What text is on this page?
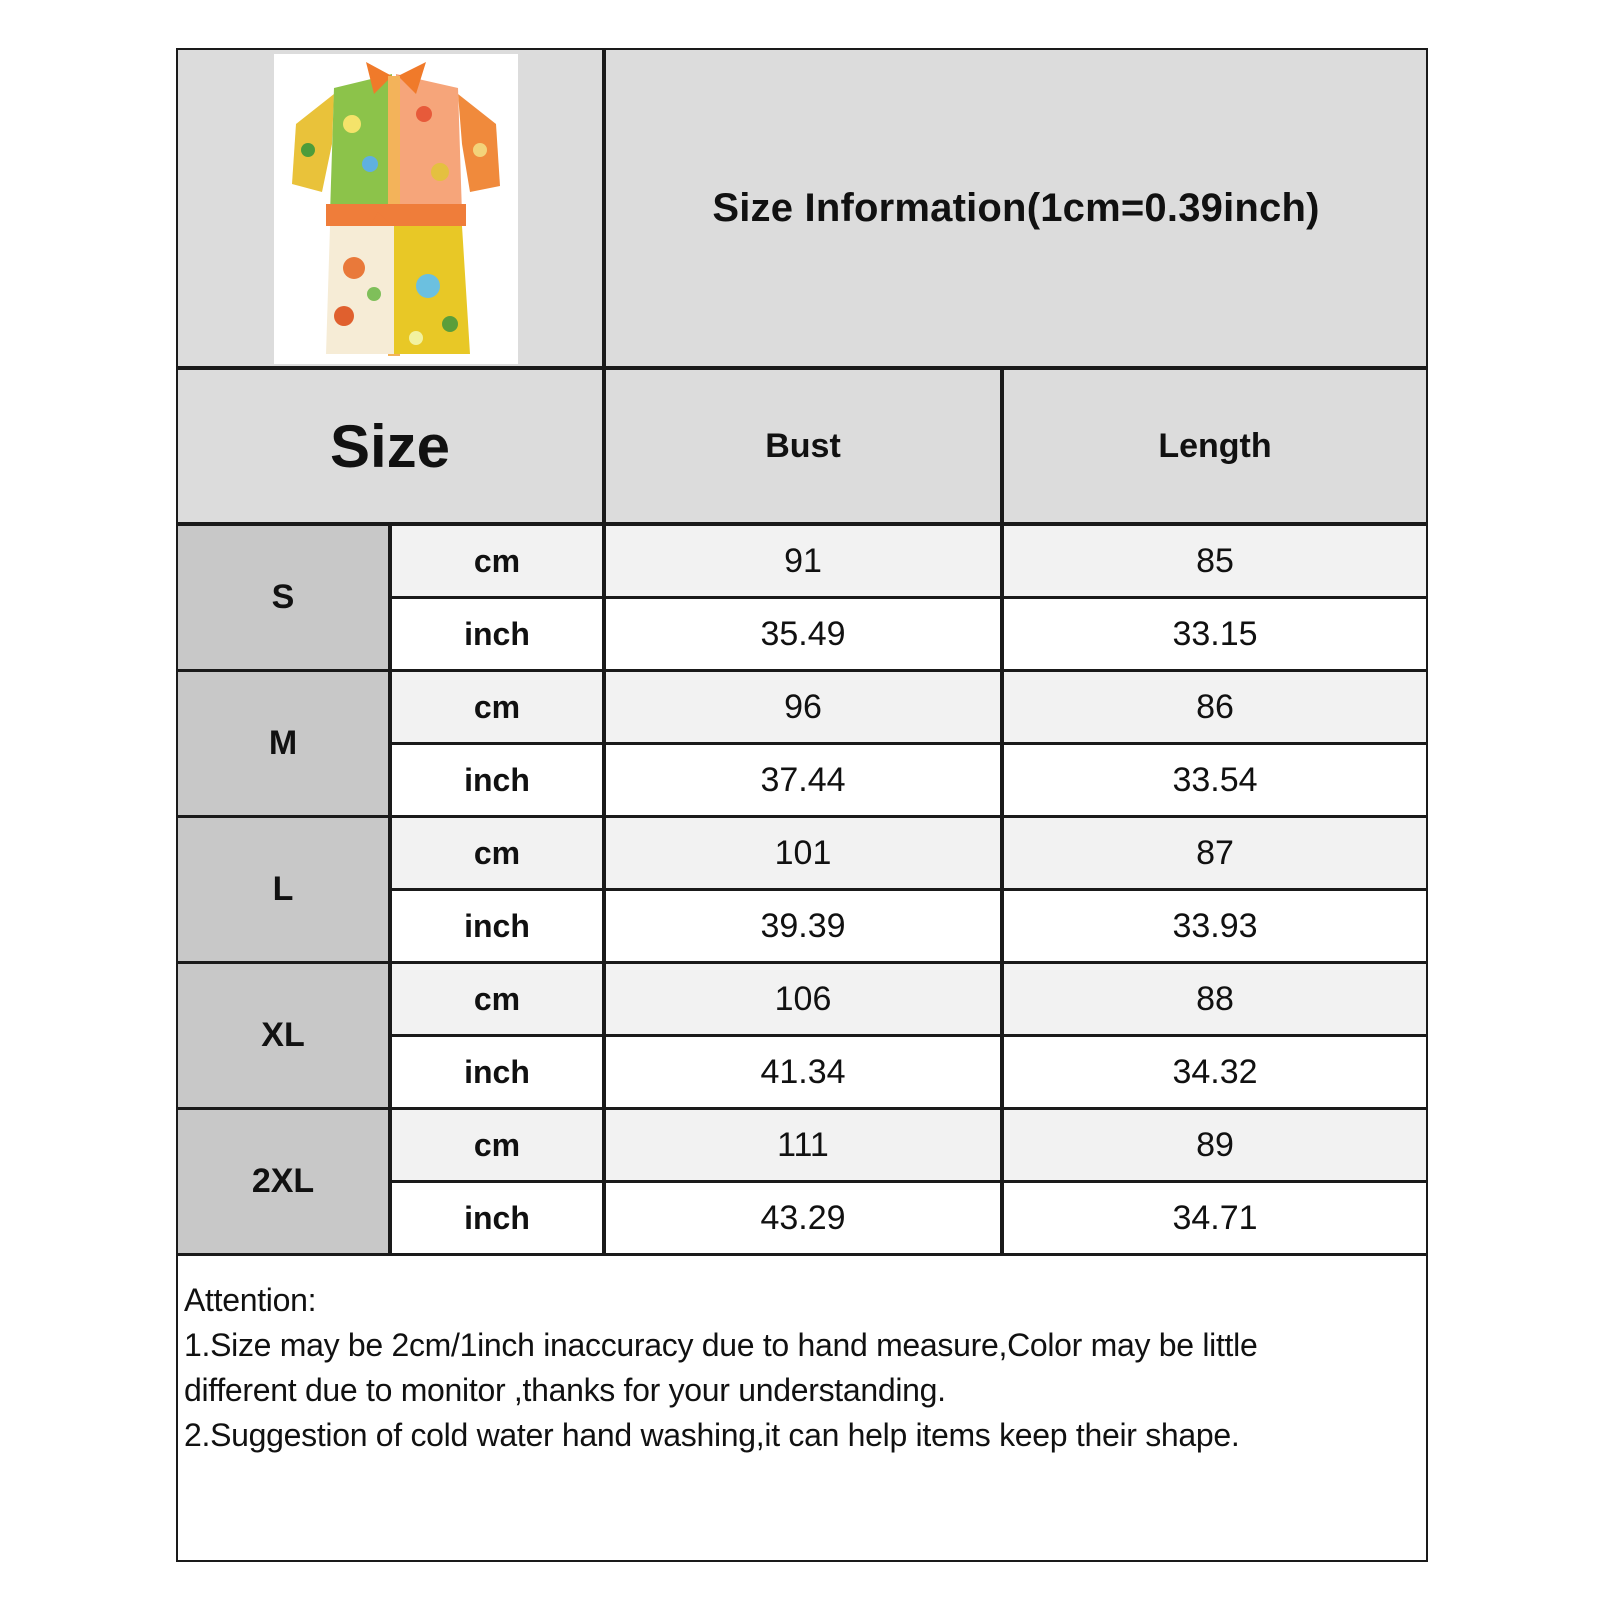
Size Information(1cm=0.39inch)
Size	Bust	Length
S
cm	91	85
inch	35.49	33.15
M
cm	96	86
inch	37.44	33.54
L
cm	101	87
inch	39.39	33.93
XL
cm	106	88
inch	41.34	34.32
2XL
cm	111	89
inch	43.29	34.71
Attention:
1.Size may be 2cm/1inch inaccuracy due to hand measure,Color may be little
different due to monitor ,thanks for your understanding.
2.Suggestion of cold water hand washing,it can help items keep their shape.
